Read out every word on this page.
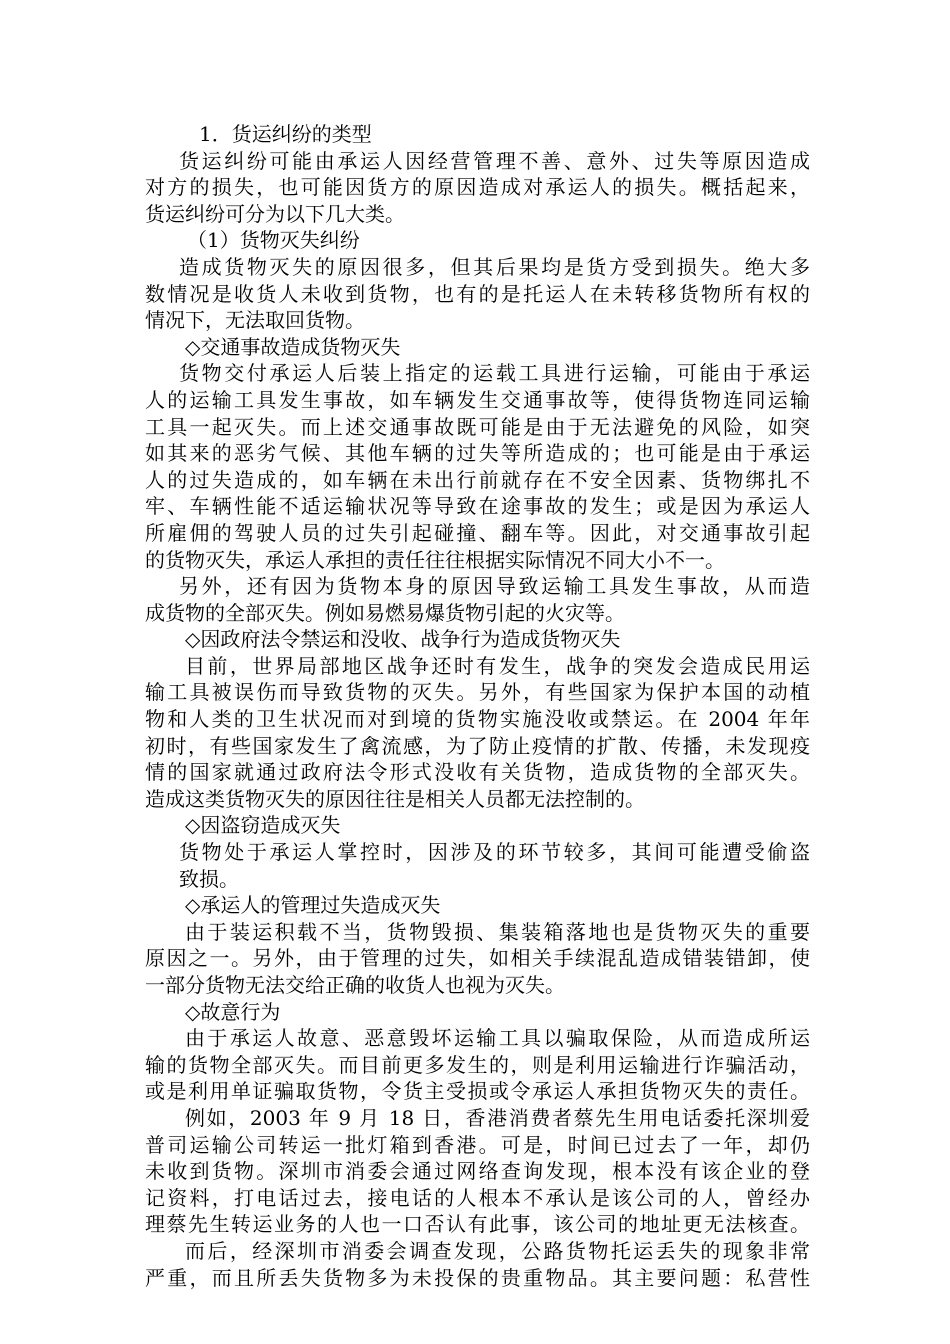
1．货运纠纷的类型
货运纠纷可能由承运人因经营管理不善、意外、过失等原因造成
对方的损失，也可能因货方的原因造成对承运人的损失。概括起来，
货运纠纷可分为以下几大类。
（1）货物灭失纠纷
造成货物灭失的原因很多，但其后果均是货方受到损失。绝大多
数情况是收货人未收到货物，也有的是托运人在未转移货物所有权的
情况下，无法取回货物。
◇交通事故造成货物灭失
货物交付承运人后装上指定的运载工具进行运输，可能由于承运
人的运输工具发生事故，如车辆发生交通事故等，使得货物连同运输
工具一起灭失。而上述交通事故既可能是由于无法避免的风险，如突
如其来的恶劣气候、其他车辆的过失等所造成的；也可能是由于承运
人的过失造成的，如车辆在未出行前就存在不安全因素、货物绑扎不
牢、车辆性能不适运输状况等导致在途事故的发生；或是因为承运人
所雇佣的驾驶人员的过失引起碰撞、翻车等。因此，对交通事故引起
的货物灭失，承运人承担的责任往往根据实际情况不同大小不一。
另外，还有因为货物本身的原因导致运输工具发生事故，从而造
成货物的全部灭失。例如易燃易爆货物引起的火灾等。
◇因政府法令禁运和没收、战争行为造成货物灭失
目前，世界局部地区战争还时有发生，战争的突发会造成民用运
输工具被误伤而导致货物的灭失。另外，有些国家为保护本国的动植
物和人类的卫生状况而对到境的货物实施没收或禁运。在 2004 年年
初时，有些国家发生了禽流感，为了防止疫情的扩散、传播，未发现疫
情的国家就通过政府法令形式没收有关货物，造成货物的全部灭失。
造成这类货物灭失的原因往往是相关人员都无法控制的。
◇因盗窃造成灭失
货物处于承运人掌控时，因涉及的环节较多，其间可能遭受偷盗
致损。
◇承运人的管理过失造成灭失
由于装运积载不当，货物毁损、集装箱落地也是货物灭失的重要
原因之一。另外，由于管理的过失，如相关手续混乱造成错装错卸，使
一部分货物无法交给正确的收货人也视为灭失。
◇故意行为
由于承运人故意、恶意毁坏运输工具以骗取保险，从而造成所运
输的货物全部灭失。而目前更多发生的，则是利用运输进行诈骗活动，
或是利用单证骗取货物，令货主受损或令承运人承担货物灭失的责任。
例如，2003 年 9 月 18 日，香港消费者蔡先生用电话委托深圳爱
普司运输公司转运一批灯箱到香港。可是，时间已过去了一年，却仍
未收到货物。深圳市消委会通过网络查询发现，根本没有该企业的登
记资料，打电话过去，接电话的人根本不承认是该公司的人，曾经办
理蔡先生转运业务的人也一口否认有此事，该公司的地址更无法核查。
而后，经深圳市消委会调查发现，公路货物托运丢失的现象非常
严重，而且所丢失货物多为未投保的贵重物品。其主要问题：私营性
